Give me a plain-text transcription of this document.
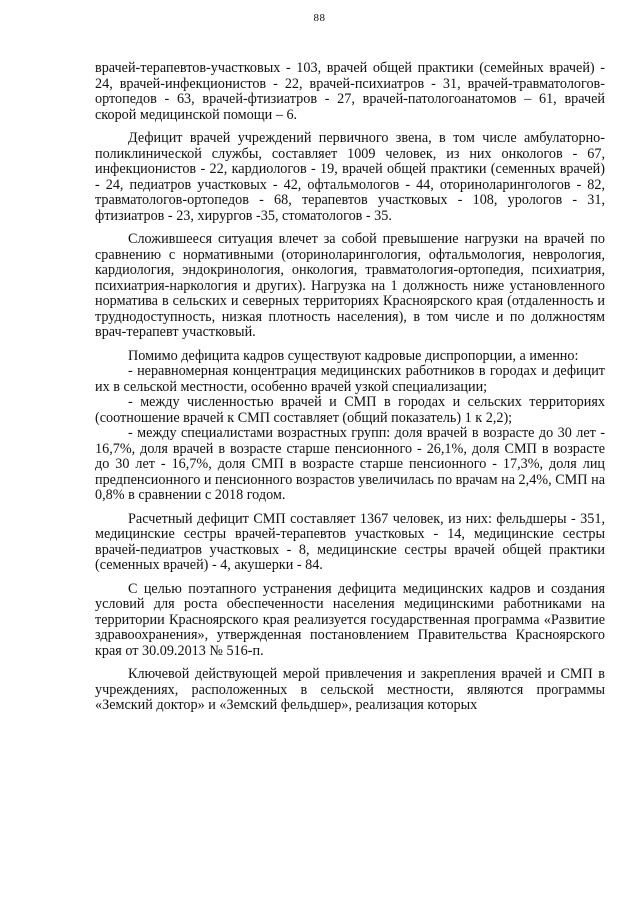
88

врачей-терапевтов-участковых - 103, врачей общей практики (семейных врачей) - 24, врачей-инфекционистов - 22, врачей-психиатров - 31, врачей-травматологов-ортопедов - 63, врачей-фтизиатров - 27, врачей-патологоанатомов – 61, врачей скорой медицинской помощи – 6.

Дефицит врачей учреждений первичного звена, в том числе амбулаторно-поликлинической службы, составляет 1009 человек, из них онкологов - 67, инфекционистов - 22, кардиологов - 19, врачей общей практики (семенных врачей) - 24, педиатров участковых - 42, офтальмологов - 44, оториноларингологов - 82, травматологов-ортопедов - 68, терапевтов участковых - 108, урологов - 31, фтизиатров - 23, хирургов -35, стоматологов - 35.

Сложившееся ситуация влечет за собой превышение нагрузки на врачей по сравнению с нормативными (оториноларингология, офтальмология, неврология, кардиология, эндокринология, онкология, травматология-ортопедия, психиатрия, психиатрия-наркология и других). Нагрузка на 1 должность ниже установленного норматива в сельских и северных территориях Красноярского края (отдаленность и труднодоступность, низкая плотность населения), в том числе и по должностям врач-терапевт участковый.

Помимо дефицита кадров существуют кадровые диспропорции, а именно:

- неравномерная концентрация медицинских работников в городах и дефицит их в сельской местности, особенно врачей узкой специализации;

- между численностью врачей и СМП в городах и сельских территориях (соотношение врачей к СМП составляет (общий показатель) 1 к 2,2);

- между специалистами возрастных групп: доля врачей в возрасте до 30 лет - 16,7%, доля врачей в возрасте старше пенсионного - 26,1%, доля СМП в возрасте до 30 лет - 16,7%, доля СМП в возрасте старше пенсионного - 17,3%, доля лиц предпенсионного и пенсионного возрастов увеличилась по врачам на 2,4%, СМП на 0,8% в сравнении с 2018 годом.

Расчетный дефицит СМП составляет 1367 человек, из них: фельдшеры - 351, медицинские сестры врачей-терапевтов участковых - 14, медицинские сестры врачей-педиатров участковых - 8, медицинские сестры врачей общей практики (семенных врачей) - 4, акушерки - 84.

С целью поэтапного устранения дефицита медицинских кадров и создания условий для роста обеспеченности населения медицинскими работниками на территории Красноярского края реализуется государственная программа «Развитие здравоохранения», утвержденная постановлением Правительства Красноярского края от 30.09.2013 № 516-п.

Ключевой действующей мерой привлечения и закрепления врачей и СМП в учреждениях, расположенных в сельской местности, являются программы «Земский доктор» и «Земский фельдшер», реализация которых
